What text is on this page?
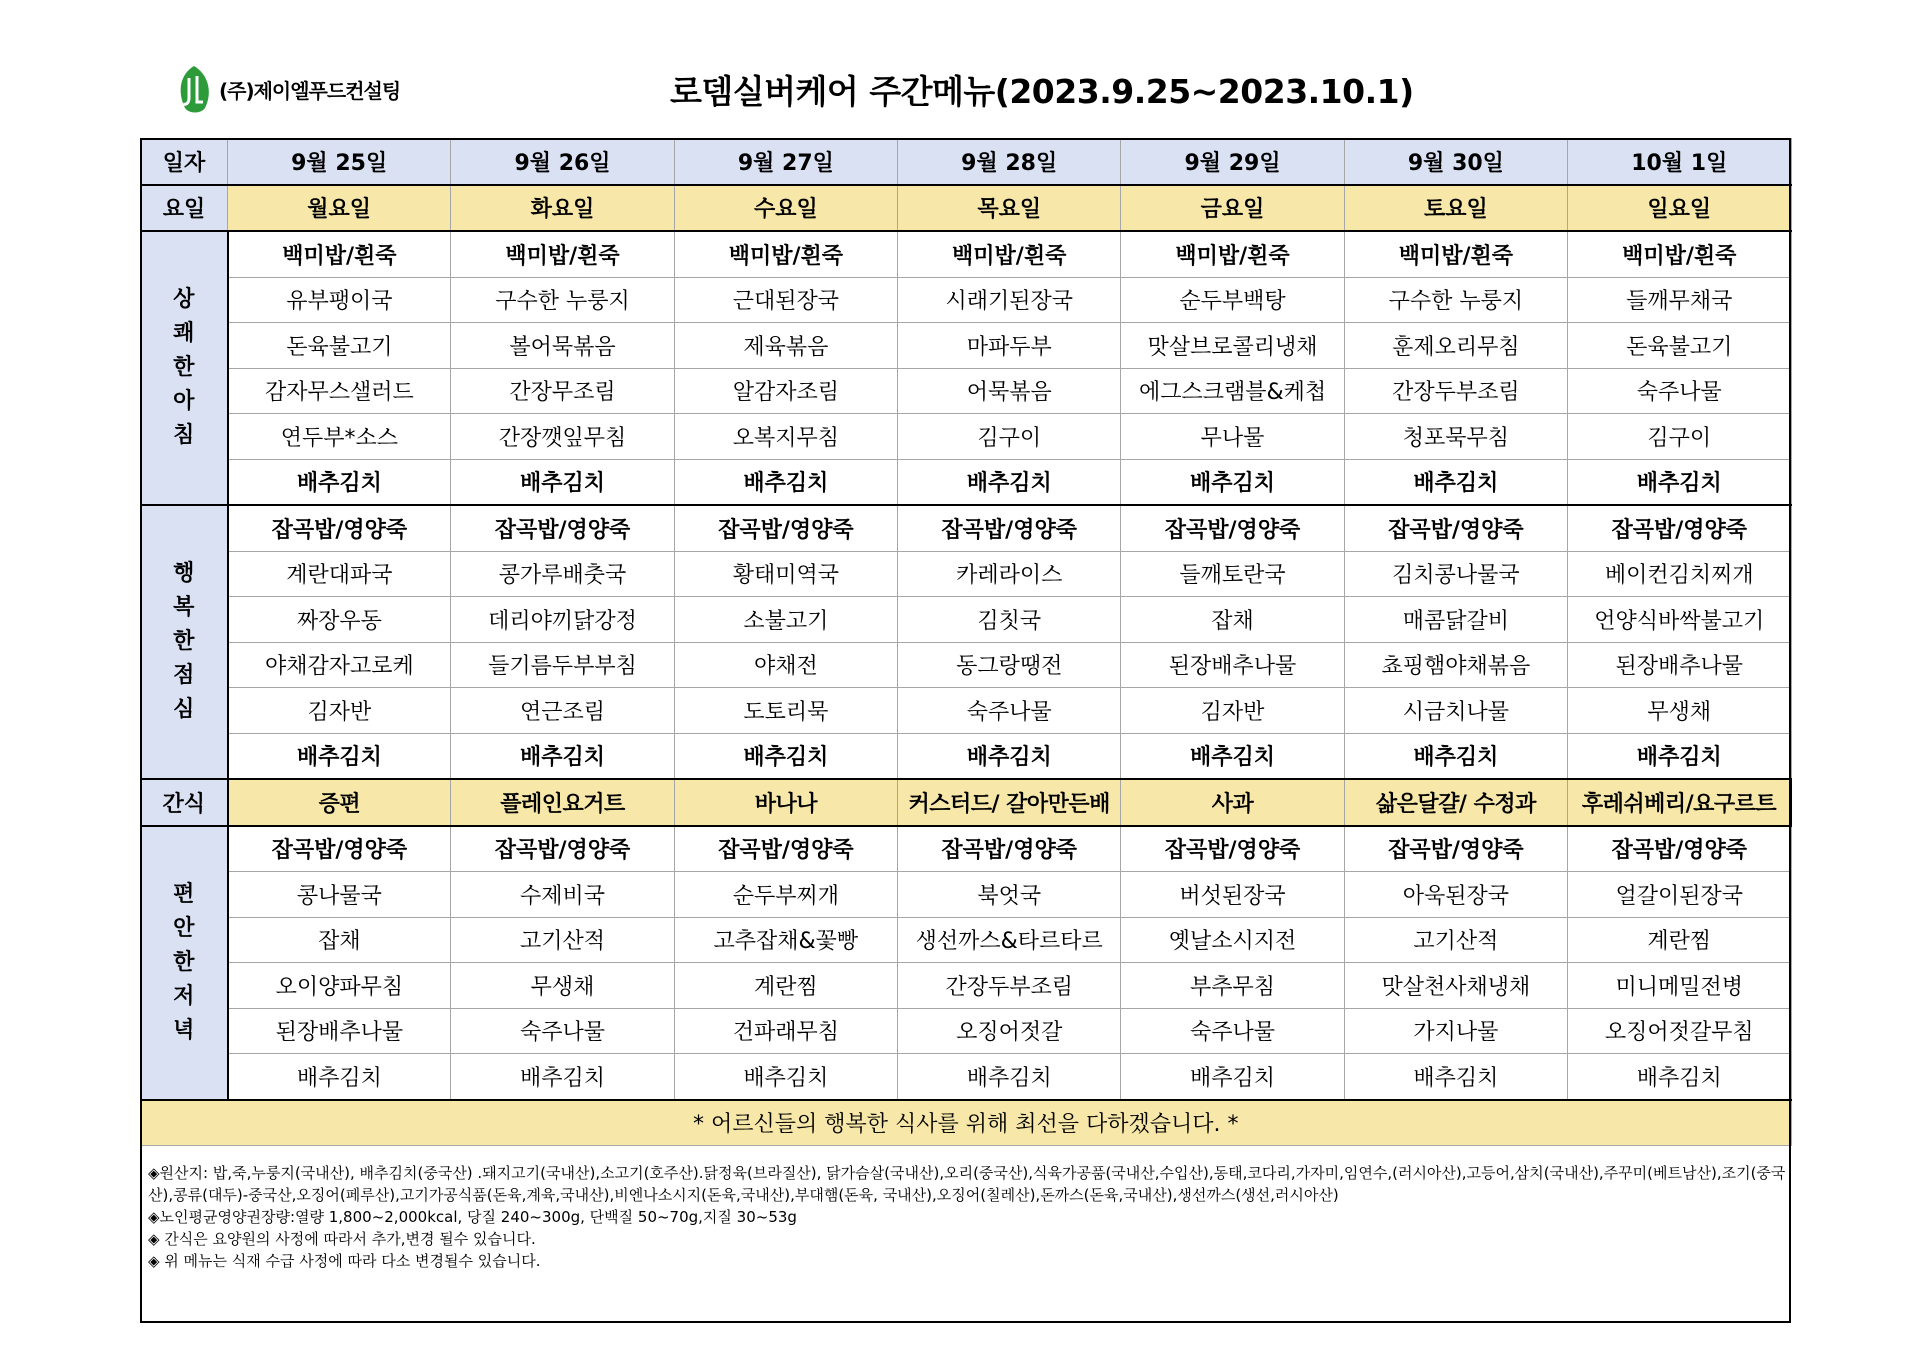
(주)제이엘푸드컨설팅	로뎀실버케어 주간메뉴(2023.9.25~2023.10.1)
일자	9월 25일	9월 26일	9월 27일	9월 28일	9월 29일	9월 30일	10월 1일
요일	월요일	화요일	수요일	목요일	금요일	토요일	일요일

상
쾌
한
아
침	백미밥/흰죽	백미밥/흰죽	백미밥/흰죽	백미밥/흰죽	백미밥/흰죽	백미밥/흰죽	백미밥/흰죽
	유부팽이국	구수한 누룽지	근대된장국	시래기된장국	순두부백탕	구수한 누룽지	들깨무채국
	돈육불고기	볼어묵볶음	제육볶음	마파두부	맛살브로콜리냉채	훈제오리무침	돈육불고기
	감자무스샐러드	간장무조림	알감자조림	어묵볶음	에그스크램블&케첩	간장두부조림	숙주나물
	연두부*소스	간장깻잎무침	오복지무침	김구이	무나물	청포묵무침	김구이
	배추김치	배추김치	배추김치	배추김치	배추김치	배추김치	배추김치

행
복
한
점
심	잡곡밥/영양죽	잡곡밥/영양죽	잡곡밥/영양죽	잡곡밥/영양죽	잡곡밥/영양죽	잡곡밥/영양죽	잡곡밥/영양죽
	계란대파국	콩가루배춧국	황태미역국	카레라이스	들깨토란국	김치콩나물국	베이컨김치찌개
	짜장우동	데리야끼닭강정	소불고기	김칫국	잡채	매콤닭갈비	언양식바싹불고기
	야채감자고로케	들기름두부부침	야채전	동그랑땡전	된장배추나물	쵸핑햄야채볶음	된장배추나물
	김자반	연근조림	도토리묵	숙주나물	김자반	시금치나물	무생채
	배추김치	배추김치	배추김치	배추김치	배추김치	배추김치	배추김치
간식	증편	플레인요거트	바나나	커스터드/ 갈아만든배	사과	삶은달걀/ 수정과	후레쉬베리/요구르트

편
안
한
저
녁	잡곡밥/영양죽	잡곡밥/영양죽	잡곡밥/영양죽	잡곡밥/영양죽	잡곡밥/영양죽	잡곡밥/영양죽	잡곡밥/영양죽
	콩나물국	수제비국	순두부찌개	북엇국	버섯된장국	아욱된장국	얼갈이된장국
	잡채	고기산적	고추잡채&꽃빵	생선까스&타르타르	옛날소시지전	고기산적	계란찜
	오이양파무침	무생채	계란찜	간장두부조림	부추무침	맛살천사채냉채	미니메밀전병
	된장배추나물	숙주나물	건파래무침	오징어젓갈	숙주나물	가지나물	오징어젓갈무침
	배추김치	배추김치	배추김치	배추김치	배추김치	배추김치	배추김치
* 어르신들의 행복한 식사를 위해 최선을 다하겠습니다. *							
◈원산지: 밥,죽,누룽지(국내산), 배추김치(중국산) .돼지고기(국내산),소고기(호주산).닭정육(브라질산), 닭가슴살(국내산),오리(중국산),식육가공품(국내산,수입산),동태,코다리,가자미,임연수,(러시아산),고등어,삼치(국내산),주꾸미(베트남산),조기(중국산),콩류(대두)-중국산,오징어(페루산),고기가공식품(돈육,계육,국내산),비엔나소시지(돈육,국내산),부대햄(돈육, 국내산),오징어(칠레산),돈까스(돈육,국내산),생선까스(생선,러시아산)
◈노인평균영양권장량:열량 1,800~2,000kcal, 당질 240~300g, 단백질 50~70g,지질 30~53g
◈ 간식은 요양원의 사정에 따라서 추가,변경 될수 있습니다.
◈ 위 메뉴는 식재 수급 사정에 따라 다소 변경될수 있습니다.
